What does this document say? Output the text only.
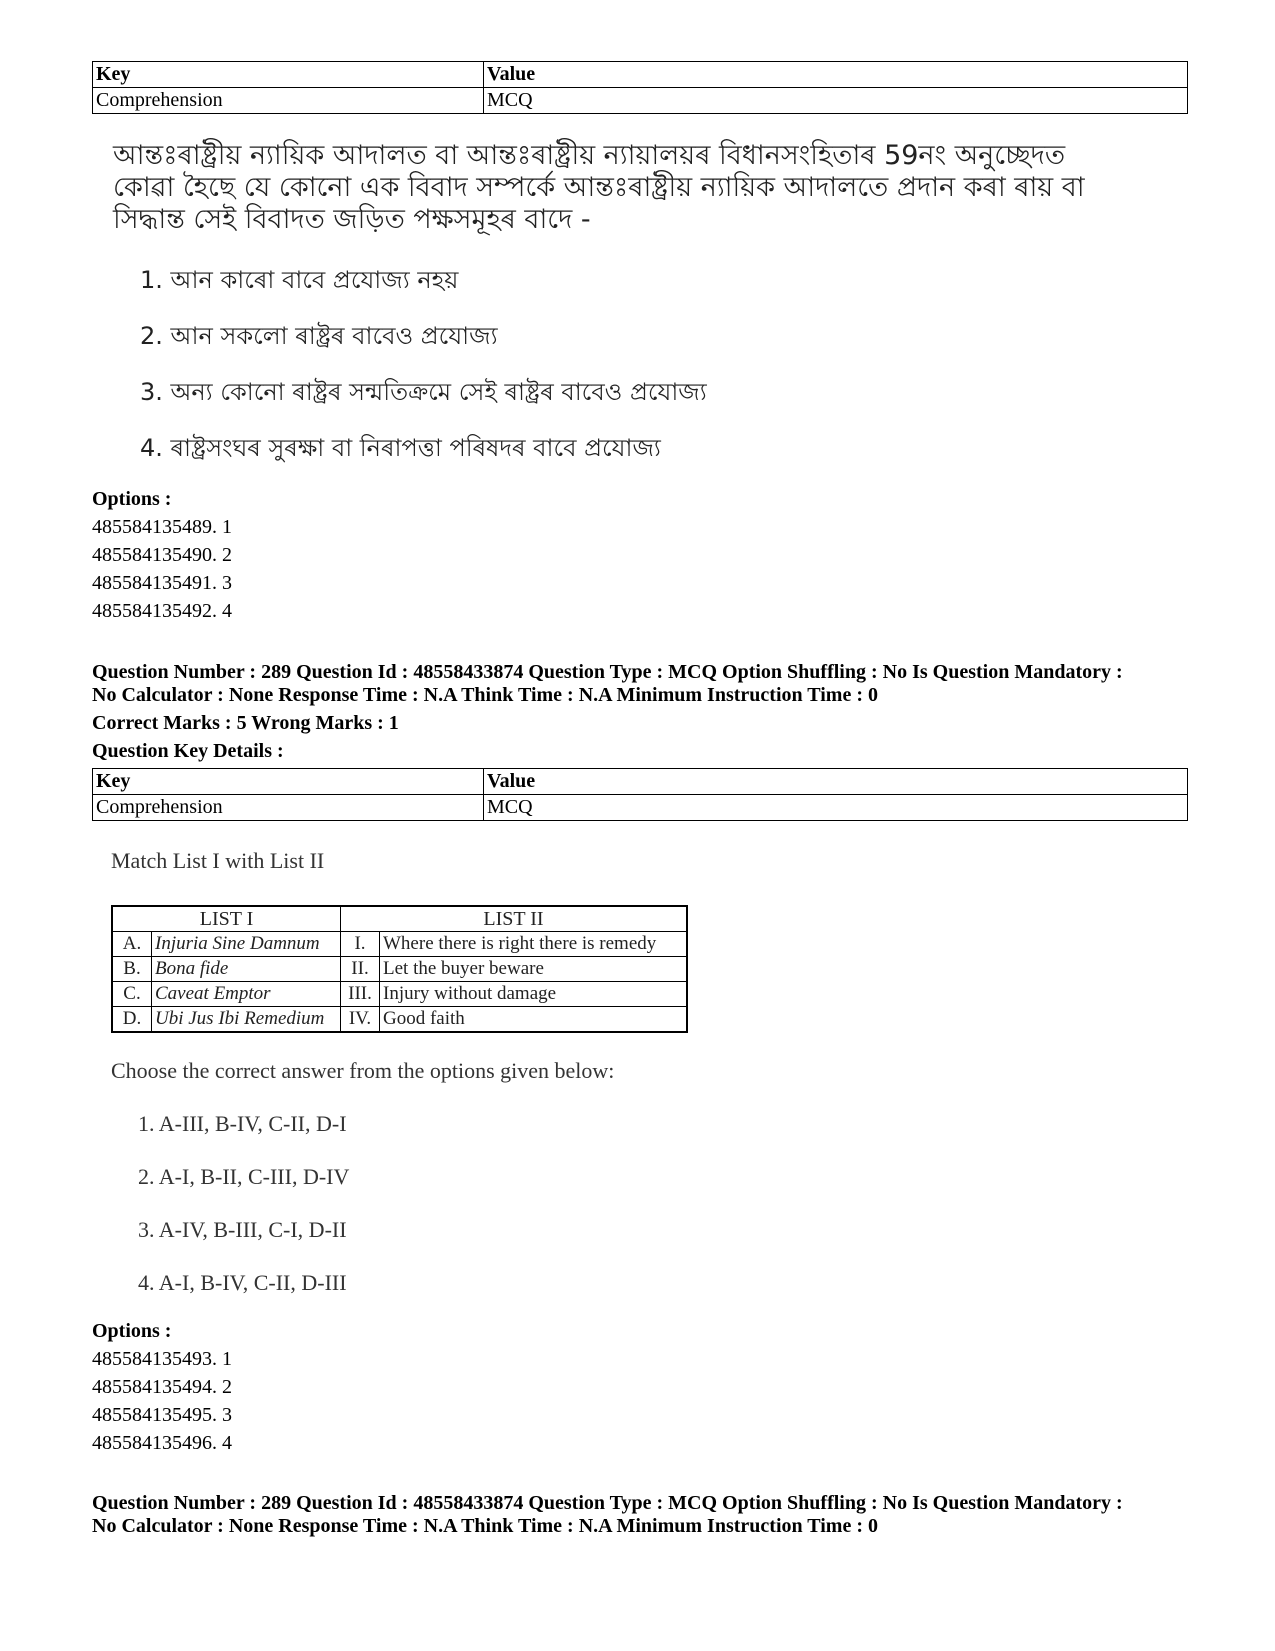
Key	Value
Comprehension	MCQ
আন্তঃৰাষ্ট্ৰীয় ন্যায়িক আদালত বা আন্তঃৰাষ্ট্ৰীয় ন্যায়ালয়ৰ বিধানসংহিতাৰ 59নং অনুচ্ছেদত কোৱা হৈছে যে কোনো এক বিবাদ সম্পৰ্কে আন্তঃৰাষ্ট্ৰীয় ন্যায়িক আদালতে প্ৰদান কৰা ৰায় বা সিদ্ধান্ত সেই বিবাদত জড়িত পক্ষসমূহৰ বাদে -
1. আন কাৰো বাবে প্ৰযোজ্য নহয়
2. আন সকলো ৰাষ্ট্ৰৰ বাবেও প্ৰযোজ্য
3. অন্য কোনো ৰাষ্ট্ৰৰ সন্মতিক্ৰমে সেই ৰাষ্ট্ৰৰ বাবেও প্ৰযোজ্য
4. ৰাষ্ট্ৰসংঘৰ সুৰক্ষা বা নিৰাপত্তা পৰিষদৰ বাবে প্ৰযোজ্য
Options :
485584135489. 1
485584135490. 2
485584135491. 3
485584135492. 4
Question Number : 289 Question Id : 48558433874 Question Type : MCQ Option Shuffling : No Is Question Mandatory :
No Calculator : None Response Time : N.A Think Time : N.A Minimum Instruction Time : 0
Correct Marks : 5 Wrong Marks : 1
Question Key Details :
Key	Value
Comprehension	MCQ
Match List I with List II
LIST I		LIST II	
A.	Injuria Sine Damnum	I.	Where there is right there is remedy
B.	Bona fide	II.	Let the buyer beware
C.	Caveat Emptor	III.	Injury without damage
D.	Ubi Jus Ibi Remedium	IV.	Good faith
Choose the correct answer from the options given below:
1. A-III, B-IV, C-II, D-I
2. A-I, B-II, C-III, D-IV
3. A-IV, B-III, C-I, D-II
4. A-I, B-IV, C-II, D-III
Options :
485584135493. 1
485584135494. 2
485584135495. 3
485584135496. 4
Question Number : 289 Question Id : 48558433874 Question Type : MCQ Option Shuffling : No Is Question Mandatory :
No Calculator : None Response Time : N.A Think Time : N.A Minimum Instruction Time : 0
